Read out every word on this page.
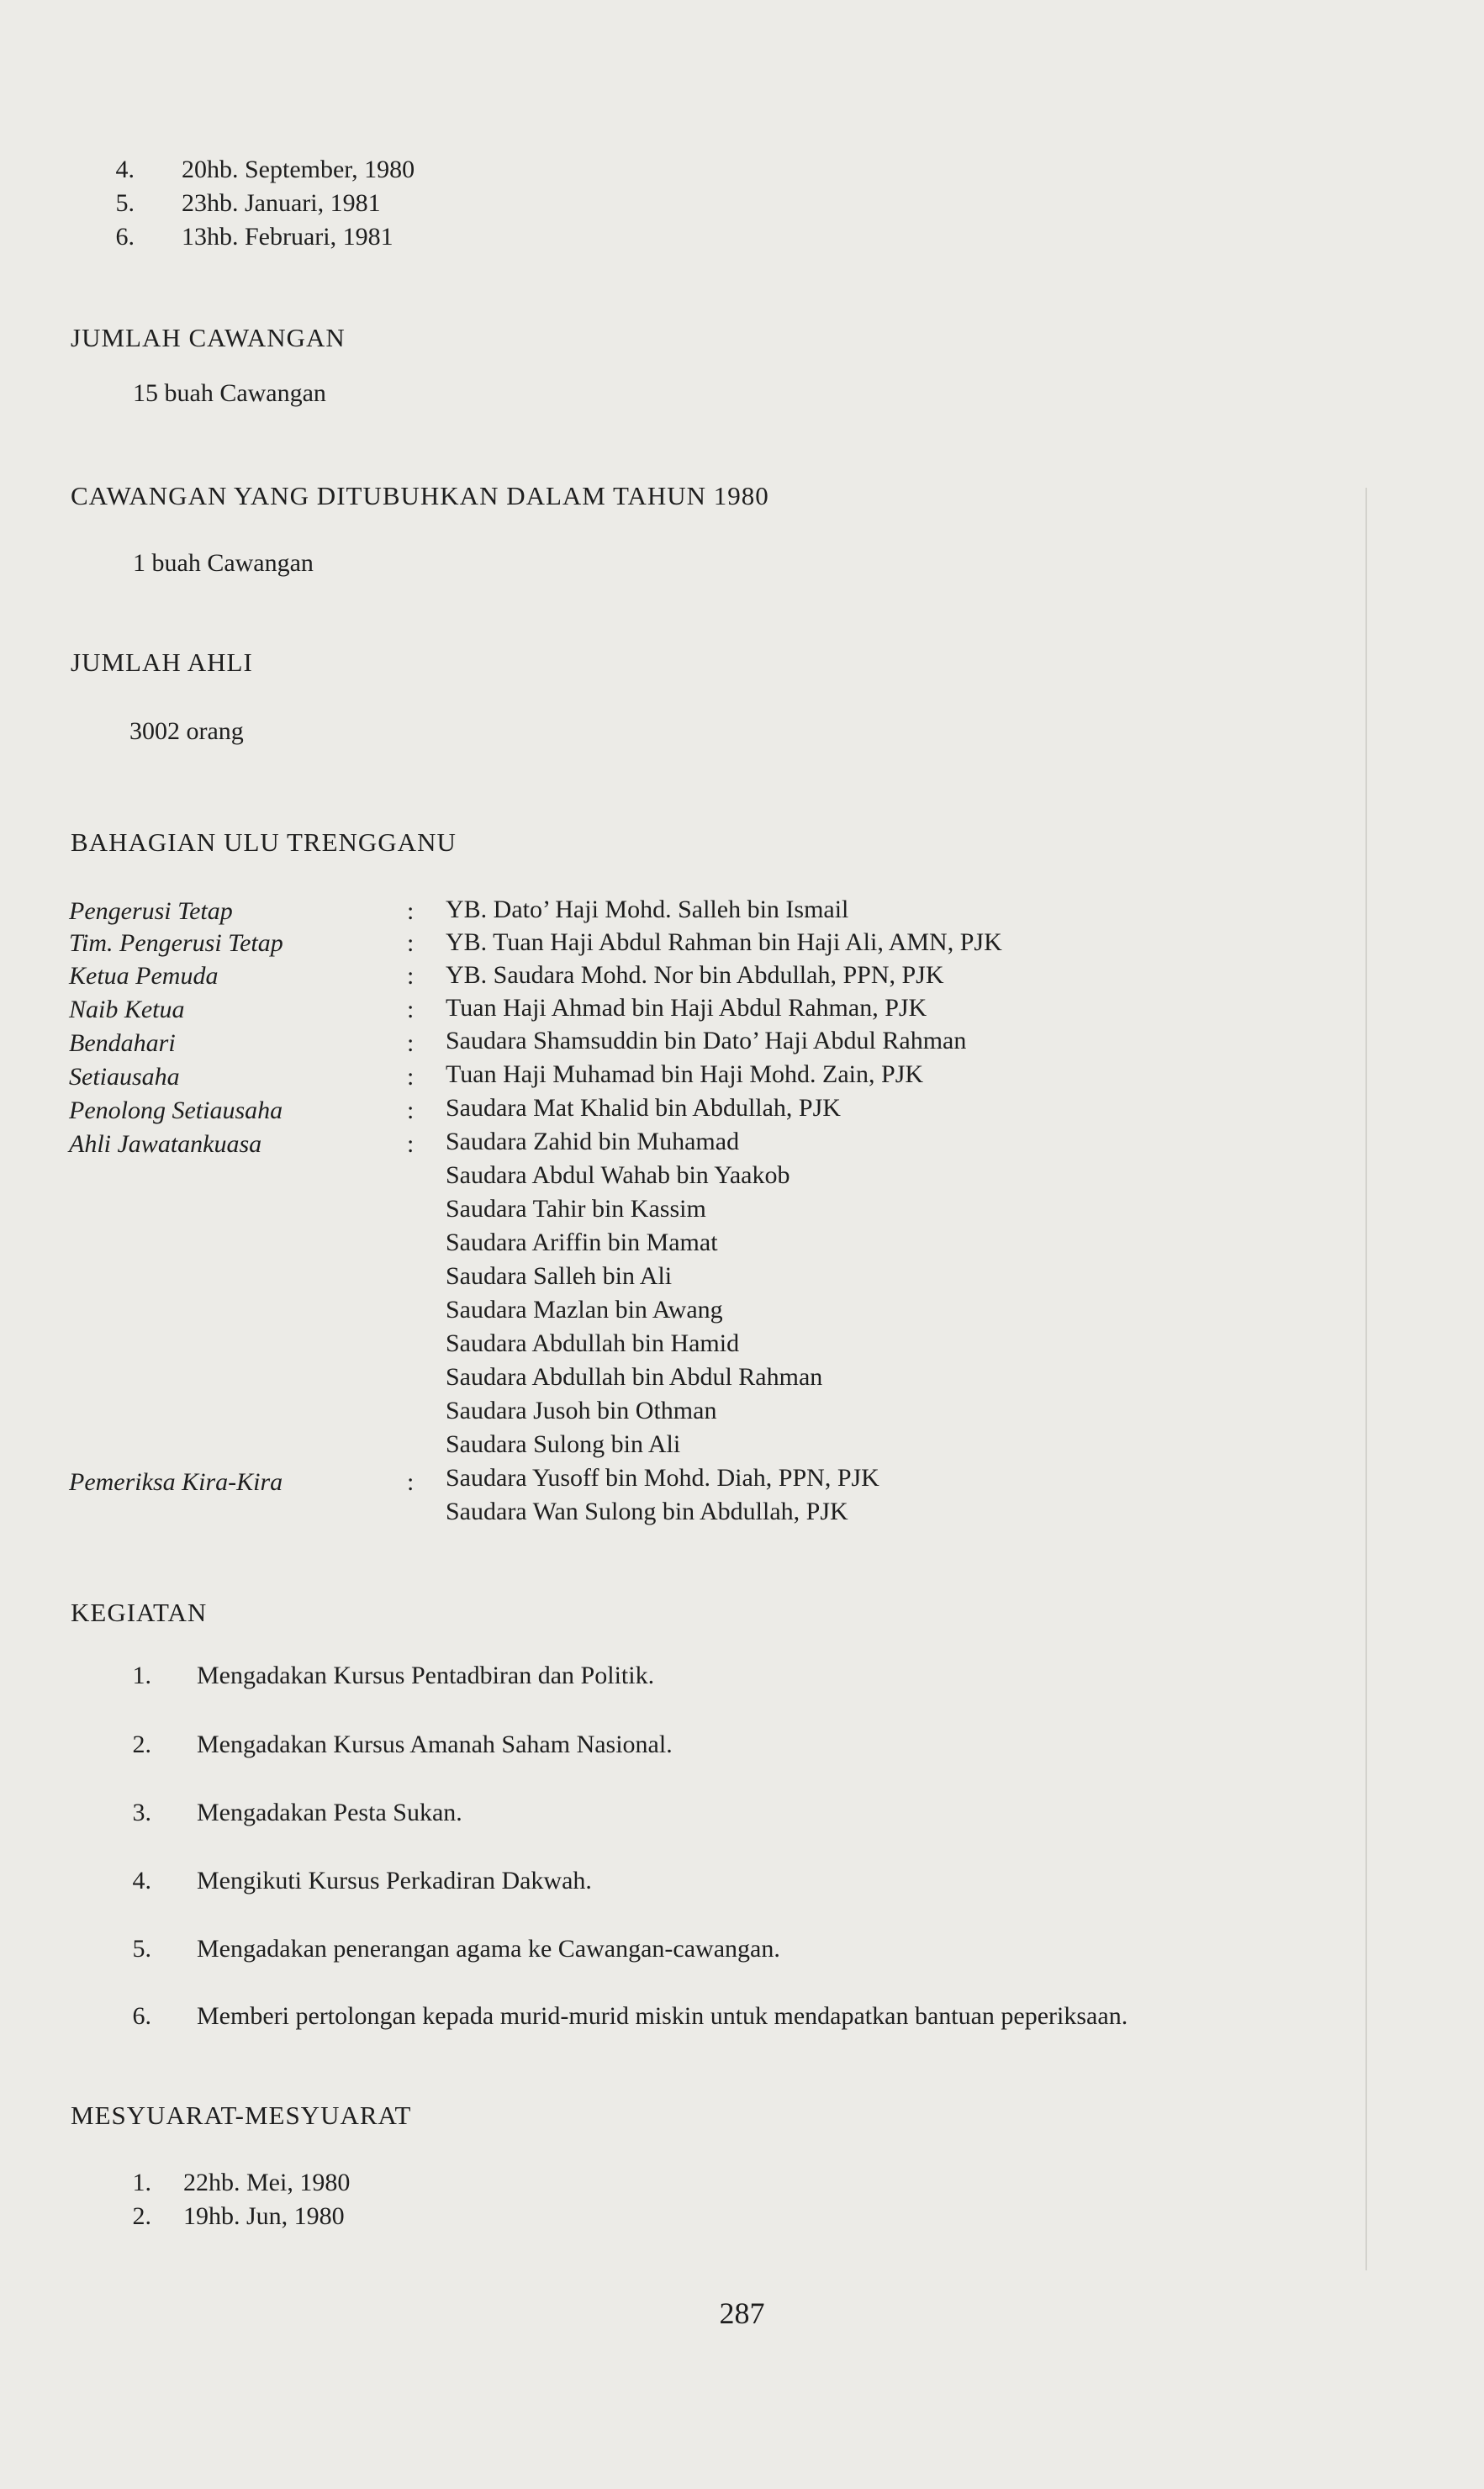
4. 20hb. September, 1980
5. 23hb. Januari, 1981
6. 13hb. Februari, 1981
JUMLAH CAWANGAN
15 buah Cawangan
CAWANGAN YANG DITUBUHKAN DALAM TAHUN 1980
1 buah Cawangan
JUMLAH AHLI
3002 orang
BAHAGIAN ULU TRENGGANU
Pengerusi Tetap	: YB. Dato’ Haji Mohd. Salleh bin Ismail
Tim. Pengerusi Tetap	: YB. Tuan Haji Abdul Rahman bin Haji Ali, AMN, PJK
Ketua Pemuda	: YB. Saudara Mohd. Nor bin Abdullah, PPN, PJK
Naib Ketua	: Tuan Haji Ahmad bin Haji Abdul Rahman, PJK
Bendahari	: Saudara Shamsuddin bin Dato’ Haji Abdul Rahman
Setiausaha	: Tuan Haji Muhamad bin Haji Mohd. Zain, PJK
Penolong Setiausaha	: Saudara Mat Khalid bin Abdullah, PJK
Ahli Jawatankuasa	: Saudara Zahid bin Muhamad
Saudara Abdul Wahab bin Yaakob
Saudara Tahir bin Kassim
Saudara Ariffin bin Mamat
Saudara Salleh bin Ali
Saudara Mazlan bin Awang
Saudara Abdullah bin Hamid
Saudara Abdullah bin Abdul Rahman
Saudara Jusoh bin Othman
Saudara Sulong bin Ali
Pemeriksa Kira-Kira	: Saudara Yusoff bin Mohd. Diah, PPN, PJK
Saudara Wan Sulong bin Abdullah, PJK
KEGIATAN
1. Mengadakan Kursus Pentadbiran dan Politik.
2. Mengadakan Kursus Amanah Saham Nasional.
3. Mengadakan Pesta Sukan.
4. Mengikuti Kursus Perkadiran Dakwah.
5. Mengadakan penerangan agama ke Cawangan-cawangan.
6. Memberi pertolongan kepada murid-murid miskin untuk mendapatkan bantuan peperiksaan.
MESYUARAT-MESYUARAT
1. 22hb. Mei, 1980
2. 19hb. Jun, 1980
287
